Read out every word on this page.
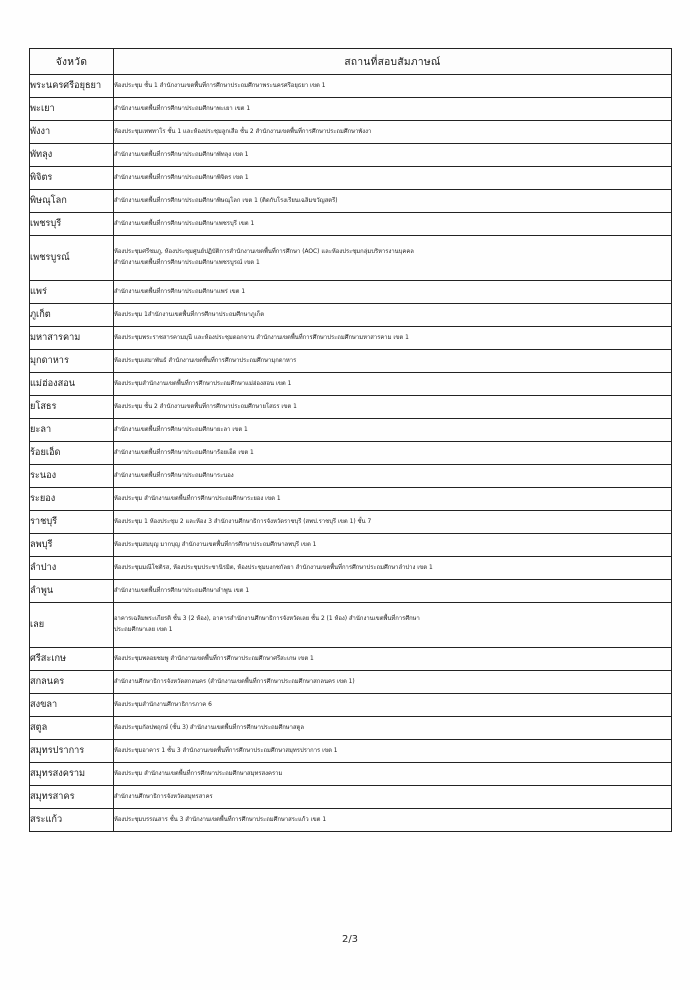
จังหวัด	สถานที่สอบสัมภาษณ์
พระนครศรีอยุธยา	ห้องประชุม ชั้น 1 สำนักงานเขตพื้นที่การศึกษาประถมศึกษาพระนครศรีอยุธยา เขต 1

พะเยา	สำนักงานเขตพื้นที่การศึกษาประถมศึกษาพะเยา เขต 1

พังงา	ห้องประชุมเทพทาโร ชั้น 1 และห้องประชุมลูกเสือ ชั้น 2 สำนักงานเขตพื้นที่การศึกษาประถมศึกษาพังงา

พัทลุง	สำนักงานเขตพื้นที่การศึกษาประถมศึกษาพัทลุง เขต 1

พิจิตร	สำนักงานเขตพื้นที่การศึกษาประถมศึกษาพิจิตร เขต 1

พิษณุโลก	สำนักงานเขตพื้นที่การศึกษาประถมศึกษาพิษณุโลก เขต 1 (ติดกับโรงเรียนเฉลิมขวัญสตรี)

เพชรบุรี	สำนักงานเขตพื้นที่การศึกษาประถมศึกษาเพชรบุรี เขต 1

เพชรบูรณ์	ห้องประชุมศรีชมภู, ห้องประชุมศูนย์ปฏิบัติการสำนักงานเขตพื้นที่การศึกษา (AOC) และห้องประชุมกลุ่มบริหารงานบุคคล
สำนักงานเขตพื้นที่การศึกษาประถมศึกษาเพชรบูรณ์ เขต 1

แพร่	สำนักงานเขตพื้นที่การศึกษาประถมศึกษาแพร่ เขต 1

ภูเก็ต	ห้องประชุม 1สำนักงานเขตพื้นที่การศึกษาประถมศึกษาภูเก็ต

มหาสารคาม	ห้องประชุมพระราชสารคามมุนี และห้องประชุมดอกจาน สำนักงานเขตพื้นที่การศึกษาประถมศึกษามหาสารคาม เขต 1

มุกดาหาร	ห้องประชุมเสมาพันธ์ สำนักงานเขตพื้นที่การศึกษาประถมศึกษามุกดาหาร

แม่ฮ่องสอน	ห้องประชุมสำนักงานเขตพื้นที่การศึกษาประถมศึกษาแม่ฮ่องสอน เขต 1

ยโสธร	ห้องประชุม ชั้น 2 สำนักงานเขตพื้นที่การศึกษาประถมศึกษายโสธร เขต 1

ยะลา	สำนักงานเขตพื้นที่การศึกษาประถมศึกษายะลา เขต 1

ร้อยเอ็ด	สำนักงานเขตพื้นที่การศึกษาประถมศึกษาร้อยเอ็ด เขต 1

ระนอง	สำนักงานเขตพื้นที่การศึกษาประถมศึกษาระนอง

ระยอง	ห้องประชุม สำนักงานเขตพื้นที่การศึกษาประถมศึกษาระยอง เขต 1

ราชบุรี	ห้องประชุม 1 ห้องประชุม 2 และห้อง 3 สำนักงานศึกษาธิการจังหวัดราชบุรี (สพป.ราชบุรี เขต 1) ชั้น 7

ลพบุรี	ห้องประชุมสมบุญ มากบุญ สำนักงานเขตพื้นที่การศึกษาประถมศึกษาลพบุรี เขต 1

ลำปาง	ห้องประชุมมณีโชติรส, ห้องประชุมประชานิรมิต, ห้องประชุมบงกชกัลยา สำนักงานเขตพื้นที่การศึกษาประถมศึกษาลำปาง เขต 1

ลำพูน	สำนักงานเขตพื้นที่การศึกษาประถมศึกษาลำพูน เขต 1

เลย	อาคารเฉลิมพระเกียรติ ชั้น 3 (2 ห้อง), อาคารสำนักงานศึกษาธิการจังหวัดเลย ชั้น 2 (1 ห้อง) สำนักงานเขตพื้นที่การศึกษา
ประถมศึกษาเลย เขต 1

ศรีสะเกษ	ห้องประชุมพลอยชมพู สำนักงานเขตพื้นที่การศึกษาประถมศึกษาศรีสะเกษ เขต 1

สกลนคร	สำนักงานศึกษาธิการจังหวัดสกลนคร (สำนักงานเขตพื้นที่การศึกษาประถมศึกษาสกลนคร เขต 1)

สงขลา	ห้องประชุมสำนักงานศึกษาธิการภาค 6

สตูล	ห้องประชุมกัลปพฤกษ์ (ชั้น 3) สำนักงานเขตพื้นที่การศึกษาประถมศึกษาสตูล

สมุทรปราการ	ห้องประชุมอาคาร 1 ชั้น 3 สำนักงานเขตพื้นที่การศึกษาประถมศึกษาสมุทรปราการ เขต 1

สมุทรสงคราม	ห้องประชุม สำนักงานเขตพื้นที่การศึกษาประถมศึกษาสมุทรสงคราม

สมุทรสาคร	สำนักงานศึกษาธิการจังหวัดสมุทรสาคร

สระแก้ว	ห้องประชุมบรรณสาร ชั้น 3 สำนักงานเขตพื้นที่การศึกษาประถมศึกษาสระแก้ว เขต 1
2/3
